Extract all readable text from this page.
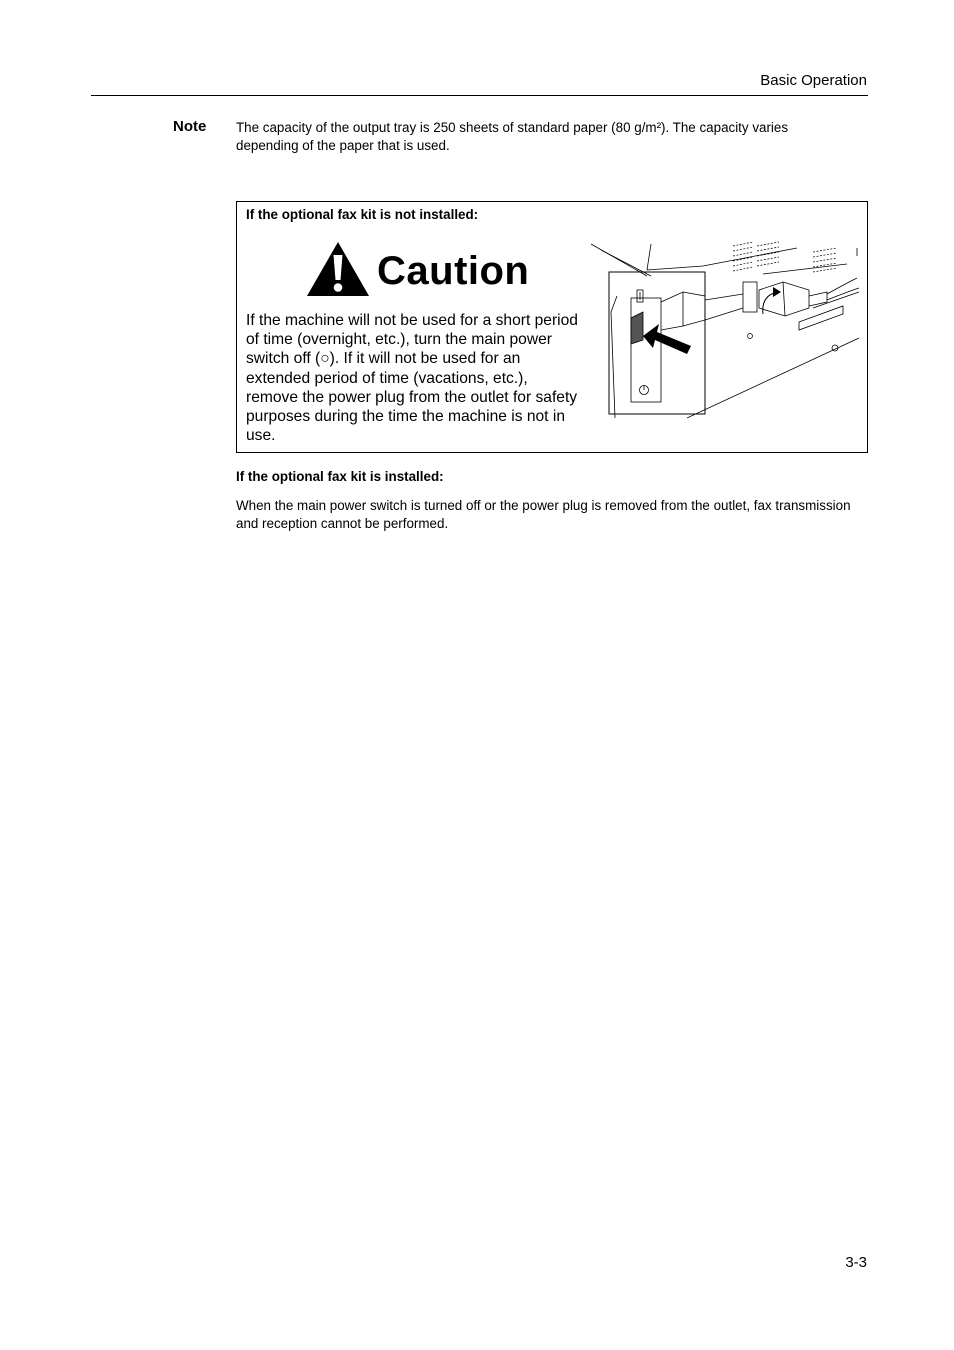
Basic Operation
Note The capacity of the output tray is 250 sheets of standard paper (80 g/m²). The capacity varies depending of the paper that is used.
If the optional fax kit is not installed:
Caution
If the machine will not be used for a short period of time (overnight, etc.), turn the main power switch off (○). If it will not be used for an extended period of time (vacations, etc.), remove the power plug from the outlet for safety purposes during the time the machine is not in use.
If the optional fax kit is installed:
When the main power switch is turned off or the power plug is removed from the outlet, fax transmission and reception cannot be performed.
3-3
